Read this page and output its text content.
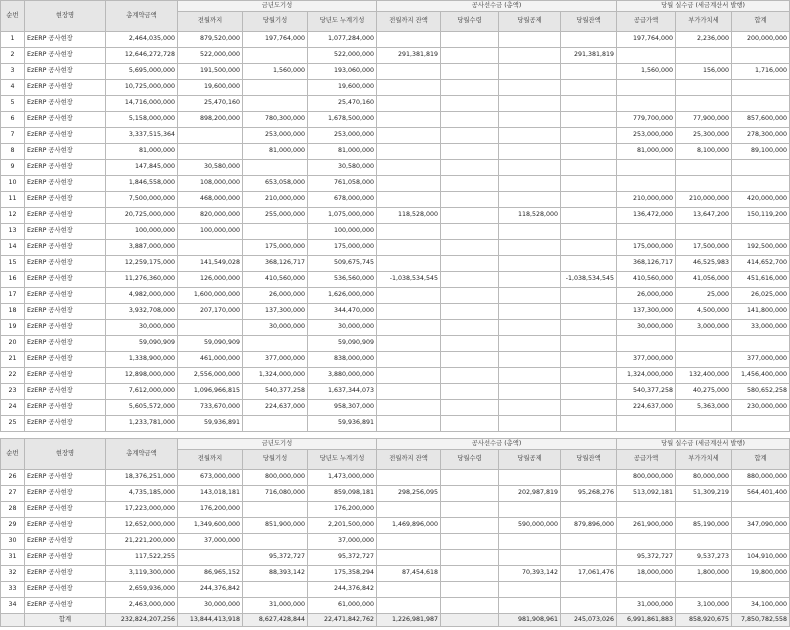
순번	현장명	총계약금액	금년도기성			공사선수금 (총액)				당월 실수금 (세금계산서 발행)		
			전월까지	당월기성	당년도 누계기성	전월까지 잔액	당월수령	당월공제	당월잔액	공급가액	부가가치세	합계
1	EzERP 공사현장	2,464,035,000	879,520,000	197,764,000	1,077,284,000					197,764,000	2,236,000	200,000,000
2	EzERP 공사현장	12,646,272,728	522,000,000		522,000,000	291,381,819			291,381,819			
3	EzERP 공사현장	5,695,000,000	191,500,000	1,560,000	193,060,000					1,560,000	156,000	1,716,000
4	EzERP 공사현장	10,725,000,000	19,600,000		19,600,000							
5	EzERP 공사현장	14,716,000,000	25,470,160		25,470,160							
6	EzERP 공사현장	5,158,000,000	898,200,000	780,300,000	1,678,500,000					779,700,000	77,900,000	857,600,000
7	EzERP 공사현장	3,337,515,364		253,000,000	253,000,000					253,000,000	25,300,000	278,300,000
8	EzERP 공사현장	81,000,000		81,000,000	81,000,000					81,000,000	8,100,000	89,100,000
9	EzERP 공사현장	147,845,000	30,580,000		30,580,000							
10	EzERP 공사현장	1,846,558,000	108,000,000	653,058,000	761,058,000							
11	EzERP 공사현장	7,500,000,000	468,000,000	210,000,000	678,000,000					210,000,000	210,000,000	420,000,000
12	EzERP 공사현장	20,725,000,000	820,000,000	255,000,000	1,075,000,000	118,528,000		118,528,000		136,472,000	13,647,200	150,119,200
13	EzERP 공사현장	100,000,000	100,000,000		100,000,000							
14	EzERP 공사현장	3,887,000,000		175,000,000	175,000,000					175,000,000	17,500,000	192,500,000
15	EzERP 공사현장	12,259,175,000	141,549,028	368,126,717	509,675,745					368,126,717	46,525,983	414,652,700
16	EzERP 공사현장	11,276,360,000	126,000,000	410,560,000	536,560,000	-1,038,534,545			-1,038,534,545	410,560,000	41,056,000	451,616,000
17	EzERP 공사현장	4,982,000,000	1,600,000,000	26,000,000	1,626,000,000					26,000,000	25,000	26,025,000
18	EzERP 공사현장	3,932,708,000	207,170,000	137,300,000	344,470,000					137,300,000	4,500,000	141,800,000
19	EzERP 공사현장	30,000,000		30,000,000	30,000,000					30,000,000	3,000,000	33,000,000
20	EzERP 공사현장	59,090,909	59,090,909		59,090,909							
21	EzERP 공사현장	1,338,900,000	461,000,000	377,000,000	838,000,000					377,000,000		377,000,000
22	EzERP 공사현장	12,898,000,000	2,556,000,000	1,324,000,000	3,880,000,000					1,324,000,000	132,400,000	1,456,400,000
23	EzERP 공사현장	7,612,000,000	1,096,966,815	540,377,258	1,637,344,073					540,377,258	40,275,000	580,652,258
24	EzERP 공사현장	5,605,572,000	733,670,000	224,637,000	958,307,000					224,637,000	5,363,000	230,000,000
25	EzERP 공사현장	1,233,781,000	59,936,891		59,936,891							
순번	현장명	총계약금액	금년도기성			공사선수금 (총액)				당월 실수금 (세금계산서 발행)		
			전월까지	당월기성	당년도 누계기성	전월까지 잔액	당월수령	당월공제	당월잔액	공급가액	부가가치세	합계
26	EzERP 공사현장	18,376,251,000	673,000,000	800,000,000	1,473,000,000					800,000,000	80,000,000	880,000,000
27	EzERP 공사현장	4,735,185,000	143,018,181	716,080,000	859,098,181	298,256,095		202,987,819	95,268,276	513,092,181	51,309,219	564,401,400
28	EzERP 공사현장	17,223,000,000	176,200,000		176,200,000							
29	EzERP 공사현장	12,652,000,000	1,349,600,000	851,900,000	2,201,500,000	1,469,896,000		590,000,000	879,896,000	261,900,000	85,190,000	347,090,000
30	EzERP 공사현장	21,221,200,000	37,000,000		37,000,000							
31	EzERP 공사현장	117,522,255		95,372,727	95,372,727					95,372,727	9,537,273	104,910,000
32	EzERP 공사현장	3,119,300,000	86,965,152	88,393,142	175,358,294	87,454,618		70,393,142	17,061,476	18,000,000	1,800,000	19,800,000
33	EzERP 공사현장	2,659,936,000	244,376,842		244,376,842							
34	EzERP 공사현장	2,463,000,000	30,000,000	31,000,000	61,000,000					31,000,000	3,100,000	34,100,000
	합계	232,824,207,256	13,844,413,918	8,627,428,844	22,471,842,762	1,226,981,987		981,908,961	245,073,026	6,991,861,883	858,920,675	7,850,782,558
